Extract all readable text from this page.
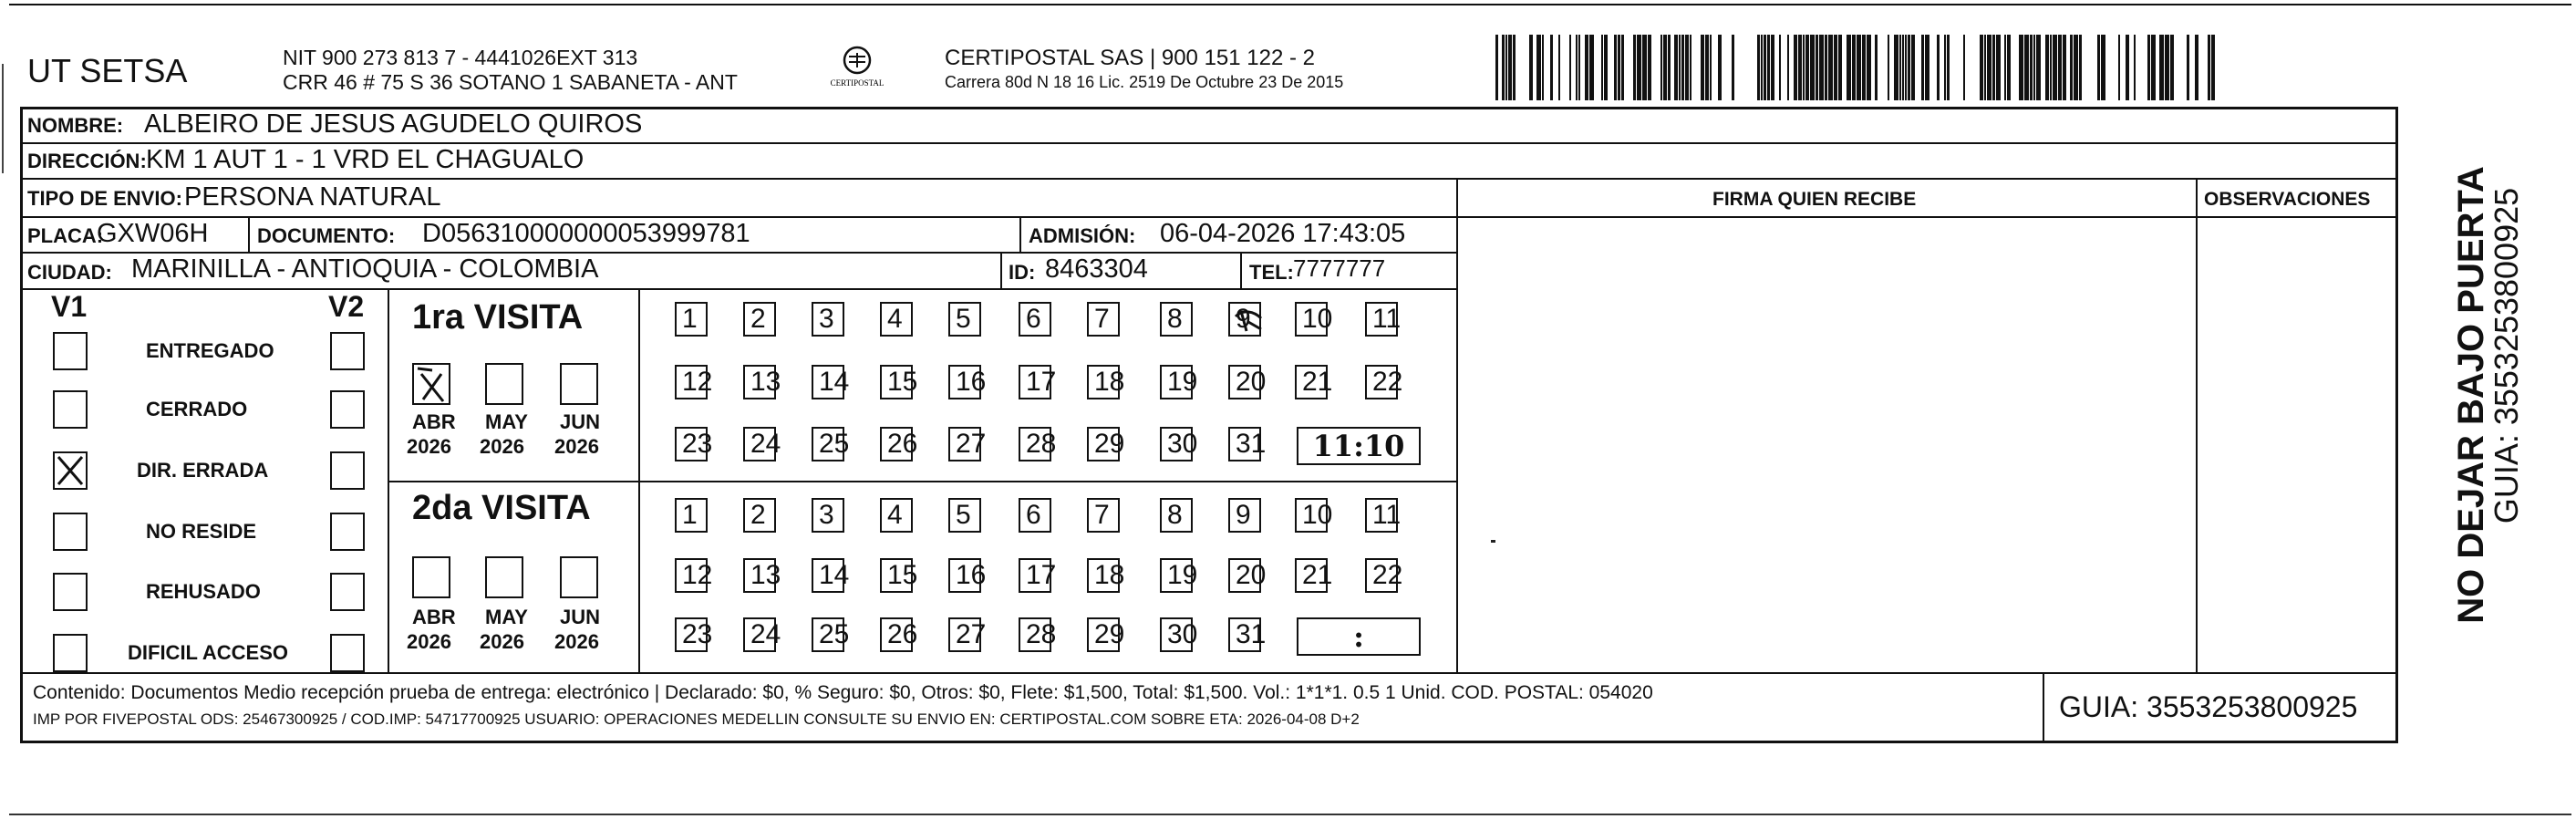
UT SETSA	NIT 900 273 813 7 - 4441026EXT 313
CRR 46 # 75 S 36 SOTANO 1 SABANETA - ANT	CERTIPOSTAL
CERTIPOSTAL SAS | 900 151 122 - 2
Carrera 80d N 18 16 Lic. 2519 De Octubre 23 De 2015
NOMBRE: ALBEIRO DE JESUS AGUDELO QUIROS
DIRECCIÓN: KM 1 AUT 1 - 1 VRD EL CHAGUALO
TIPO DE ENVIO: PERSONA NATURAL	FIRMA QUIEN RECIBE	OBSERVACIONES
PLACA:
GXW06H DOCUMENTO: D056310000000053999781	ADMISIÓN: 06-04-2026 17:43:05
CIUDAD: MARINILLA - ANTIOQUIA - COLOMBIA	ID: 8463304	TEL: 7777777
V1	V2
ENTREGADO
CERRADO
DIR. ERRADA
NO RESIDE
REHUSADO
DIFICIL ACCESO
1ra VISITA
2da VISITA
ABR
2026
MAY
2026
JUN
2026
ABR
2026
MAY
2026
JUN
2026
1	2	3	4	5	6	7	8	9	10 11
12 13 14 15 16 17 18 19 20 21 22
23 24 25 26 27 28 29 30 31	11:10
1	2	3	4	5	6	7	8	9	10 11
12 13 14 15 16 17 18 19 20 21 22
23 24 25 26 27 28 29 30 31	:
Contenido: Documentos Medio recepción prueba de entrega: electrónico | Declarado: $0, % Seguro: $0, Otros: $0, Flete: $1,500, Total: $1,500. Vol.: 1*1*1. 0.5 1 Unid. COD. POSTAL: 054020
IMP POR FIVEPOSTAL ODS: 25467300925 / COD.IMP: 54717700925 USUARIO: OPERACIONES MEDELLIN CONSULTE SU ENVIO EN: CERTIPOSTAL.COM SOBRE ETA: 2026-04-08 D+2	GUIA: 3553253800925
NO DEJAR BAJO PUERTA
GUIA: 3553253800925
